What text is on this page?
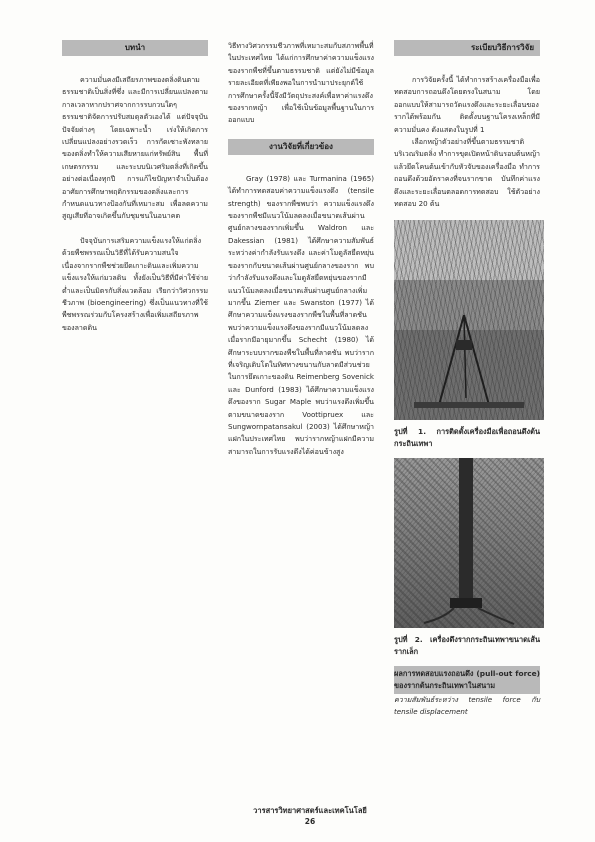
บทนำ

ความมั่นคงมีเสถียรภาพของตลิ่งดินตามธรรมชาติเป็นสิ่งที่ซึ่ง และมีการเปลี่ยนแปลงตามกาลเวลาหากปราศจากการรบกวนใดๆ ธรรมชาติจัดการปรับสมดุลตัวเองได้ แต่ปัจจุบันปัจจัยต่างๆ โดยเฉพาะน้ำ เร่งให้เกิดการเปลี่ยนแปลงอย่างรวดเร็ว การกัดเซาะพังทลายของตลิ่งทำให้ความเสียหายแก่ทรัพย์สิน พื้นที่เกษตรกรรม และระบบนิเวศริมตลิ่งที่เกิดขึ้นอย่างต่อเนื่องทุกปี การแก้ไขปัญหาจำเป็นต้องอาศัยการศึกษาพฤติกรรมของตลิ่งและการกำหนดแนวทางป้องกันที่เหมาะสม เพื่อลดความสูญเสียที่อาจเกิดขึ้นกับชุมชนในอนาคต

ปัจจุบันการเสริมความแข็งแรงให้แก่ตลิ่งด้วยพืชพรรณเป็นวิธีที่ได้รับความสนใจ เนื่องจากรากพืชช่วยยึดเกาะดินและเพิ่มความแข็งแรงให้แก่มวลดิน ทั้งยังเป็นวิธีที่มีค่าใช้จ่ายต่ำและเป็นมิตรกับสิ่งแวดล้อม เรียกว่าวิศวกรรมชีวภาพ (bioengineering) ซึ่งเป็นแนวทางที่ใช้พืชพรรณร่วมกับโครงสร้างเพื่อเพิ่มเสถียรภาพของลาดดิน

วิธีทางวิศวกรรมชีวภาพที่เหมาะสมกับสภาพพื้นที่ในประเทศไทย ได้แก่การศึกษาค่าความแข็งแรงของรากพืชที่ขึ้นตามธรรมชาติ แต่ยังไม่มีข้อมูลรายละเอียดที่เพียงพอในการนำมาประยุกต์ใช้ การศึกษาครั้งนี้จึงมีวัตถุประสงค์เพื่อหาค่าแรงดึงของรากหญ้า เพื่อใช้เป็นข้อมูลพื้นฐานในการออกแบบ

งานวิจัยที่เกี่ยวข้อง

Gray (1978) และ Turmanina (1965) ได้ทำการทดสอบค่าความแข็งแรงดึง (tensile strength) ของรากพืชพบว่า ความแข็งแรงดึงของรากพืชมีแนวโน้มลดลงเมื่อขนาดเส้นผ่านศูนย์กลางของรากเพิ่มขึ้น Waldron และ Dakessian (1981) ได้ศึกษาความสัมพันธ์ระหว่างค่ากำลังรับแรงดึง และค่าโมดูลัสยืดหยุ่นของรากกับขนาดเส้นผ่านศูนย์กลางของราก พบว่ากำลังรับแรงดึงและโมดูลัสยืดหยุ่นของรากมีแนวโน้มลดลงเมื่อขนาดเส้นผ่านศูนย์กลางเพิ่มมากขึ้น Ziemer และ Swanston (1977) ได้ศึกษาความแข็งแรงของรากพืชในพื้นที่ลาดชัน พบว่าความแข็งแรงดึงของรากมีแนวโน้มลดลงเมื่อรากมีอายุมากขึ้น Schecht (1980) ได้ศึกษาระบบรากของพืชในพื้นที่ลาดชัน พบว่ารากที่เจริญเติบโตในทิศทางขนานกับลาดมีส่วนช่วยในการยึดเกาะของดิน Reimenberg Sovenick และ Dunford (1983) ได้ศึกษาความแข็งแรงดึงของราก Sugar Maple พบว่าแรงดึงเพิ่มขึ้นตามขนาดของราก Voottipruex และ Sungwornpatansakul (2003) ได้ศึกษาหญ้าแฝกในประเทศไทย พบว่ารากหญ้าแฝกมีความสามารถในการรับแรงดึงได้ค่อนข้างสูง

ระเบียบวิธีการวิจัย

การวิจัยครั้งนี้ ได้ทำการสร้างเครื่องมือเพื่อทดสอบการถอนดึงโดยตรงในสนาม โดยออกแบบให้สามารถวัดแรงดึงและระยะเลื่อนของรากได้พร้อมกัน ติดตั้งบนฐานโครงเหล็กที่มีความมั่นคง ดังแสดงในรูปที่ 1

เลือกหญ้าตัวอย่างที่ขึ้นตามธรรมชาติบริเวณริมตลิ่ง ทำการขุดเปิดหน้าดินรอบต้นหญ้า แล้วยึดโคนต้นเข้ากับหัวจับของเครื่องมือ ทำการถอนดึงด้วยอัตราคงที่จนรากขาด บันทึกค่าแรงดึงและระยะเลื่อนตลอดการทดสอบ ใช้ตัวอย่างทดสอบ 20 ต้น

รูปที่ 1. การติดตั้งเครื่องมือเพื่อถอนดึงต้นกระถินเทพา
รูปที่ 2. เครื่องดึงรากกระถินเทพาขนาดเส้นรากเล็ก
ผลการทดสอบแรงถอนดึง (pull-out force) ของรากต้นกระถินเทพาในสนาม
ความสัมพันธ์ระหว่าง tensile force กับ tensile displacement
วารสารวิทยาศาสตร์และเทคโนโลยี 26
